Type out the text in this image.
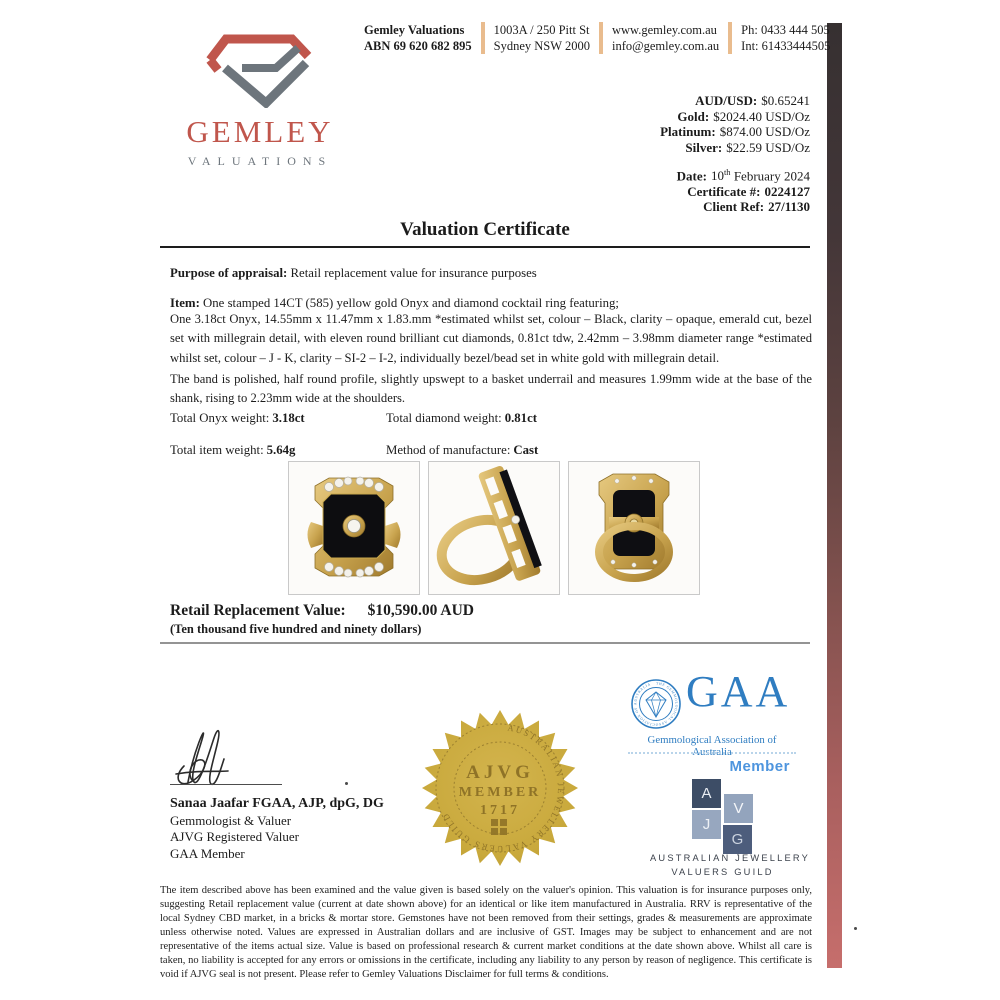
GEMLEY
VALUATIONS
Gemley Valuations
ABN 69 620 682 895
1003A / 250 Pitt St
Sydney NSW 2000
www.gemley.com.au
info@gemley.com.au
Ph: 0433 444 505
Int: 61433444505
AUD/USD: $0.65241
Gold: $2024.40 USD/Oz
Platinum: $874.00 USD/Oz
Silver: $22.59 USD/Oz
Date: 10th February 2024
Certificate #: 0224127
Client Ref: 27/1130
Valuation Certificate
Purpose of appraisal: Retail replacement value for insurance purposes
Item: One stamped 14CT (585) yellow gold Onyx and diamond cocktail ring featuring;
One 3.18ct Onyx, 14.55mm x 11.47mm x 1.83.mm *estimated whilst set, colour – Black, clarity – opaque, emerald cut, bezel set with millegrain detail, with eleven round brilliant cut diamonds, 0.81ct tdw, 2.42mm – 3.98mm diameter range *estimated whilst set, colour – J - K, clarity – SI-2 – I-2, individually bezel/bead set in white gold with millegrain detail.
The band is polished, half round profile, slightly upswept to a basket underrail and measures 1.99mm wide at the base of the shank, rising to 2.23mm wide at the shoulders.
Total Onyx weight: 3.18ct	Total diamond weight: 0.81ct
Total item weight: 5.64g	Method of manufacture: Cast
Retail Replacement Value: $10,590.00 AUD
(Ten thousand five hundred and ninety dollars)
Sanaa Jaafar FGAA, AJP, dpG, DG
Gemmologist & Valuer
AJVG Registered Valuer
GAA Member
AUSTRALIAN JEWELLERY VALUERS GUILD
AJVG
MEMBER
1717
THE GEMMOLOGICAL ASSOCIATION OF AUSTRALIA GAA
Gemmological Association of Australia
Member
A
V
J
G
AUSTRALIAN JEWELLERY
VALUERS GUILD
The item described above has been examined and the value given is based solely on the valuer's opinion. This valuation is for insurance purposes only, suggesting Retail replacement value (current at date shown above) for an identical or like item manufactured in Australia. RRV is representative of the local Sydney CBD market, in a bricks & mortar store. Gemstones have not been removed from their settings, grades & measurements are approximate unless otherwise noted. Values are expressed in Australian dollars and are inclusive of GST. Images may be subject to enhancement and are not representative of the items actual size. Value is based on professional research & current market conditions at the date shown above. Whilst all care is taken, no liability is accepted for any errors or omissions in the certificate, including any liability to any person by reason of negligence. This certificate is void if AJVG seal is not present. Please refer to Gemley Valuations Disclaimer for full terms & conditions.
